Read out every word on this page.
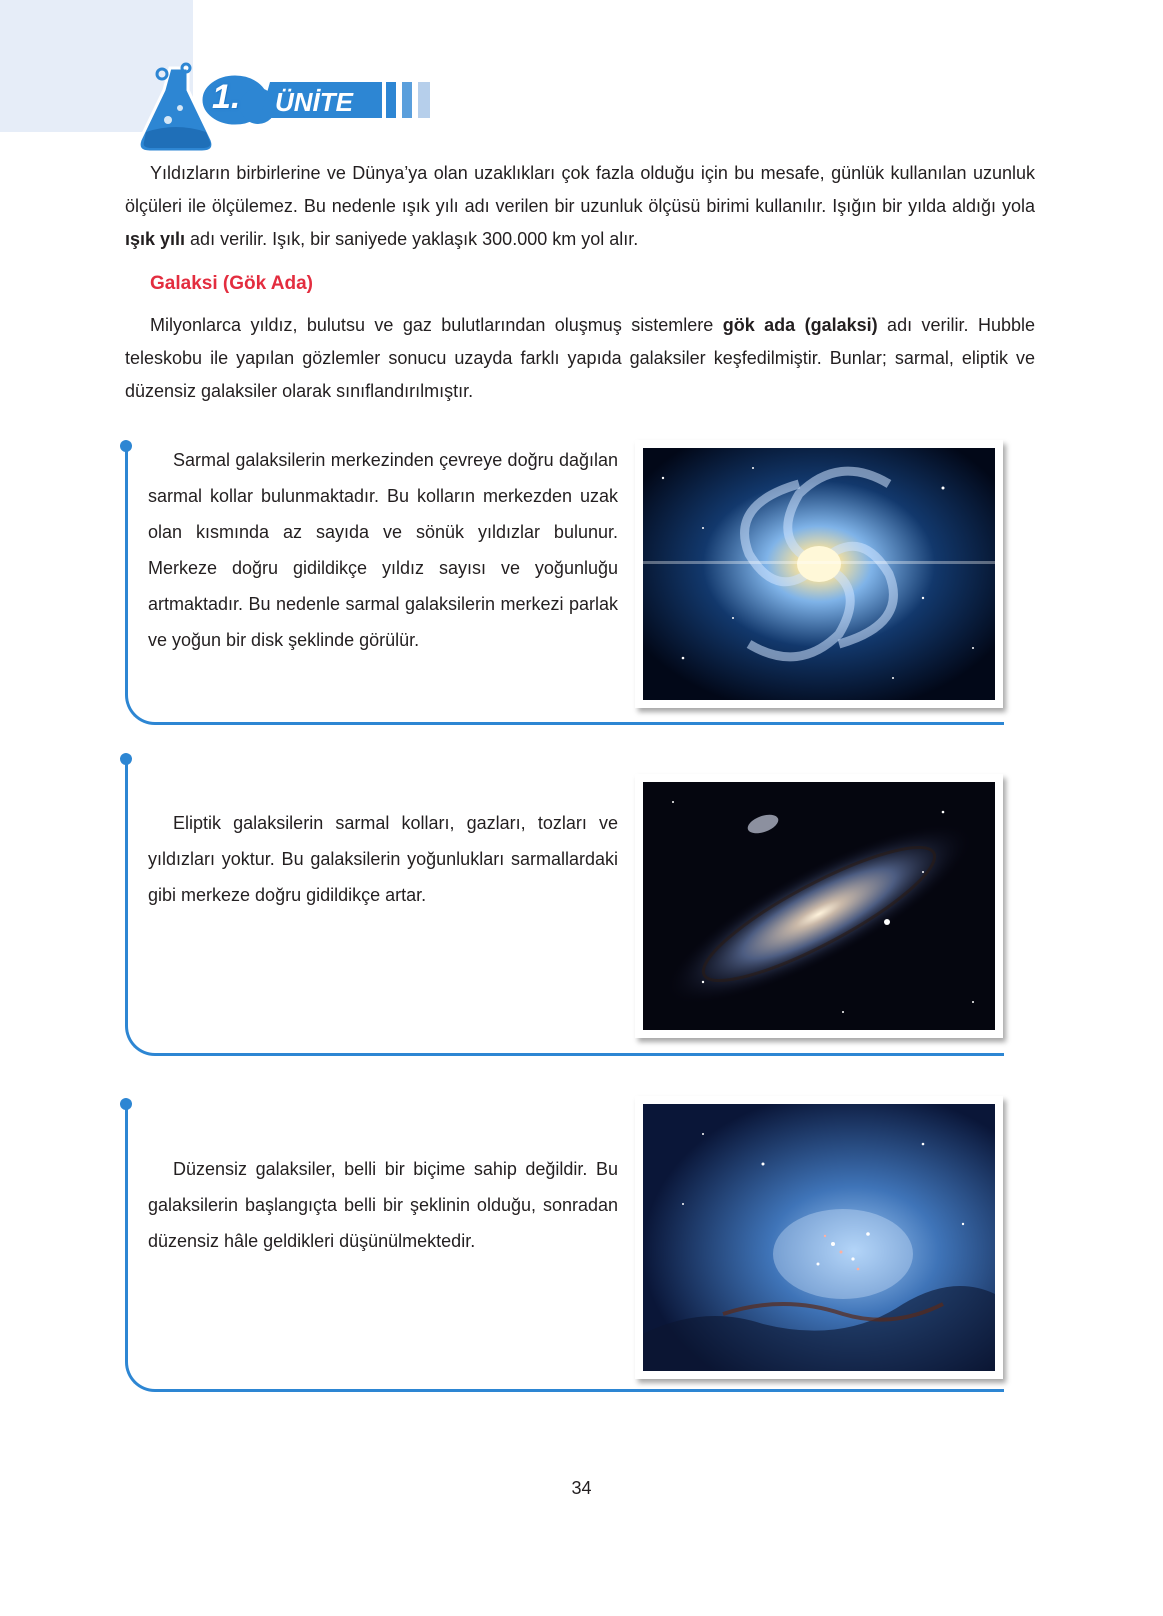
1. ÜNİTE

Yıldızların birbirlerine ve Dünya’ya olan uzaklıkları çok fazla olduğu için bu mesafe, günlük kullanılan uzunluk ölçüleri ile ölçülemez. Bu nedenle ışık yılı adı verilen bir uzunluk ölçüsü birimi kullanılır. Işığın bir yılda aldığı yola ışık yılı adı verilir. Işık, bir saniyede yaklaşık 300.000 km yol alır.

Galaksi (Gök Ada)

Milyonlarca yıldız, bulutsu ve gaz bulutlarından oluşmuş sistemlere gök ada (galaksi) adı verilir. Hubble teleskobu ile yapılan gözlemler sonucu uzayda farklı yapıda galaksiler keşfedilmiştir. Bunlar; sarmal, eliptik ve düzensiz galaksiler olarak sınıflandırılmıştır.

Sarmal galaksilerin merkezinden çevreye doğru dağılan sarmal kollar bulunmaktadır. Bu kolların merkezden uzak olan kısmında az sayıda ve sönük yıldızlar bulunur. Merkeze doğru gidildikçe yıldız sayısı ve yoğunluğu artmaktadır. Bu nedenle sarmal galaksilerin merkezi parlak ve yoğun bir disk şeklinde görülür.

Eliptik galaksilerin sarmal kolları, gazları, tozları ve yıldızları yoktur. Bu galaksilerin yoğunlukları sarmallardaki gibi merkeze doğru gidildikçe artar.

Düzensiz galaksiler, belli bir biçime sahip değildir. Bu galaksilerin başlangıçta belli bir şeklinin olduğu, sonradan düzensiz hâle geldikleri düşünülmektedir.

34
